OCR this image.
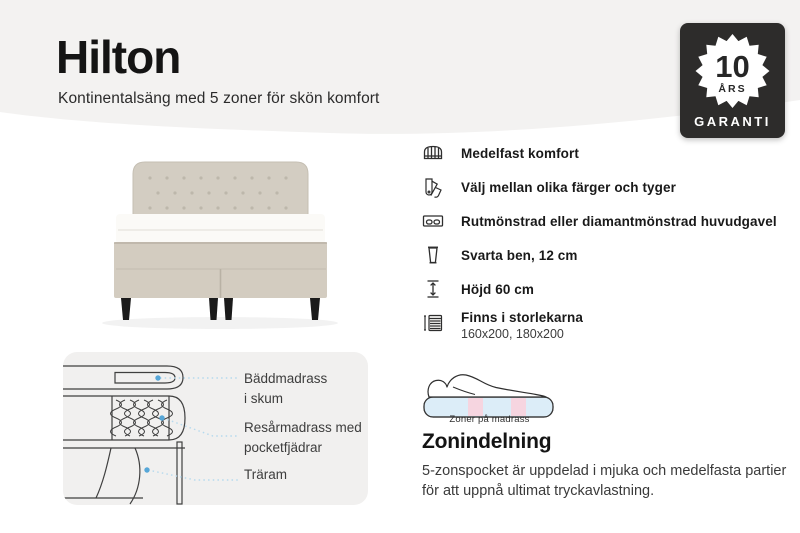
Hilton
Kontinentalsäng med 5 zoner för skön komfort
10
ÅRS
GARANTI
Medelfast komfort
Välj mellan olika färger och tyger
Rutmönstrad eller diamantmönstrad huvudgavel
Svarta ben, 12 cm
Höjd 60 cm
Finns i storlekarna
160x200, 180x200
Bäddmadrass
i skum
Resårmadrass med
pocketfjädrar
Träram
Zoner på madrass
Zonindelning
5-zonspocket är uppdelad i mjuka och medelfasta partier för att uppnå ultimat tryckavlastning.
